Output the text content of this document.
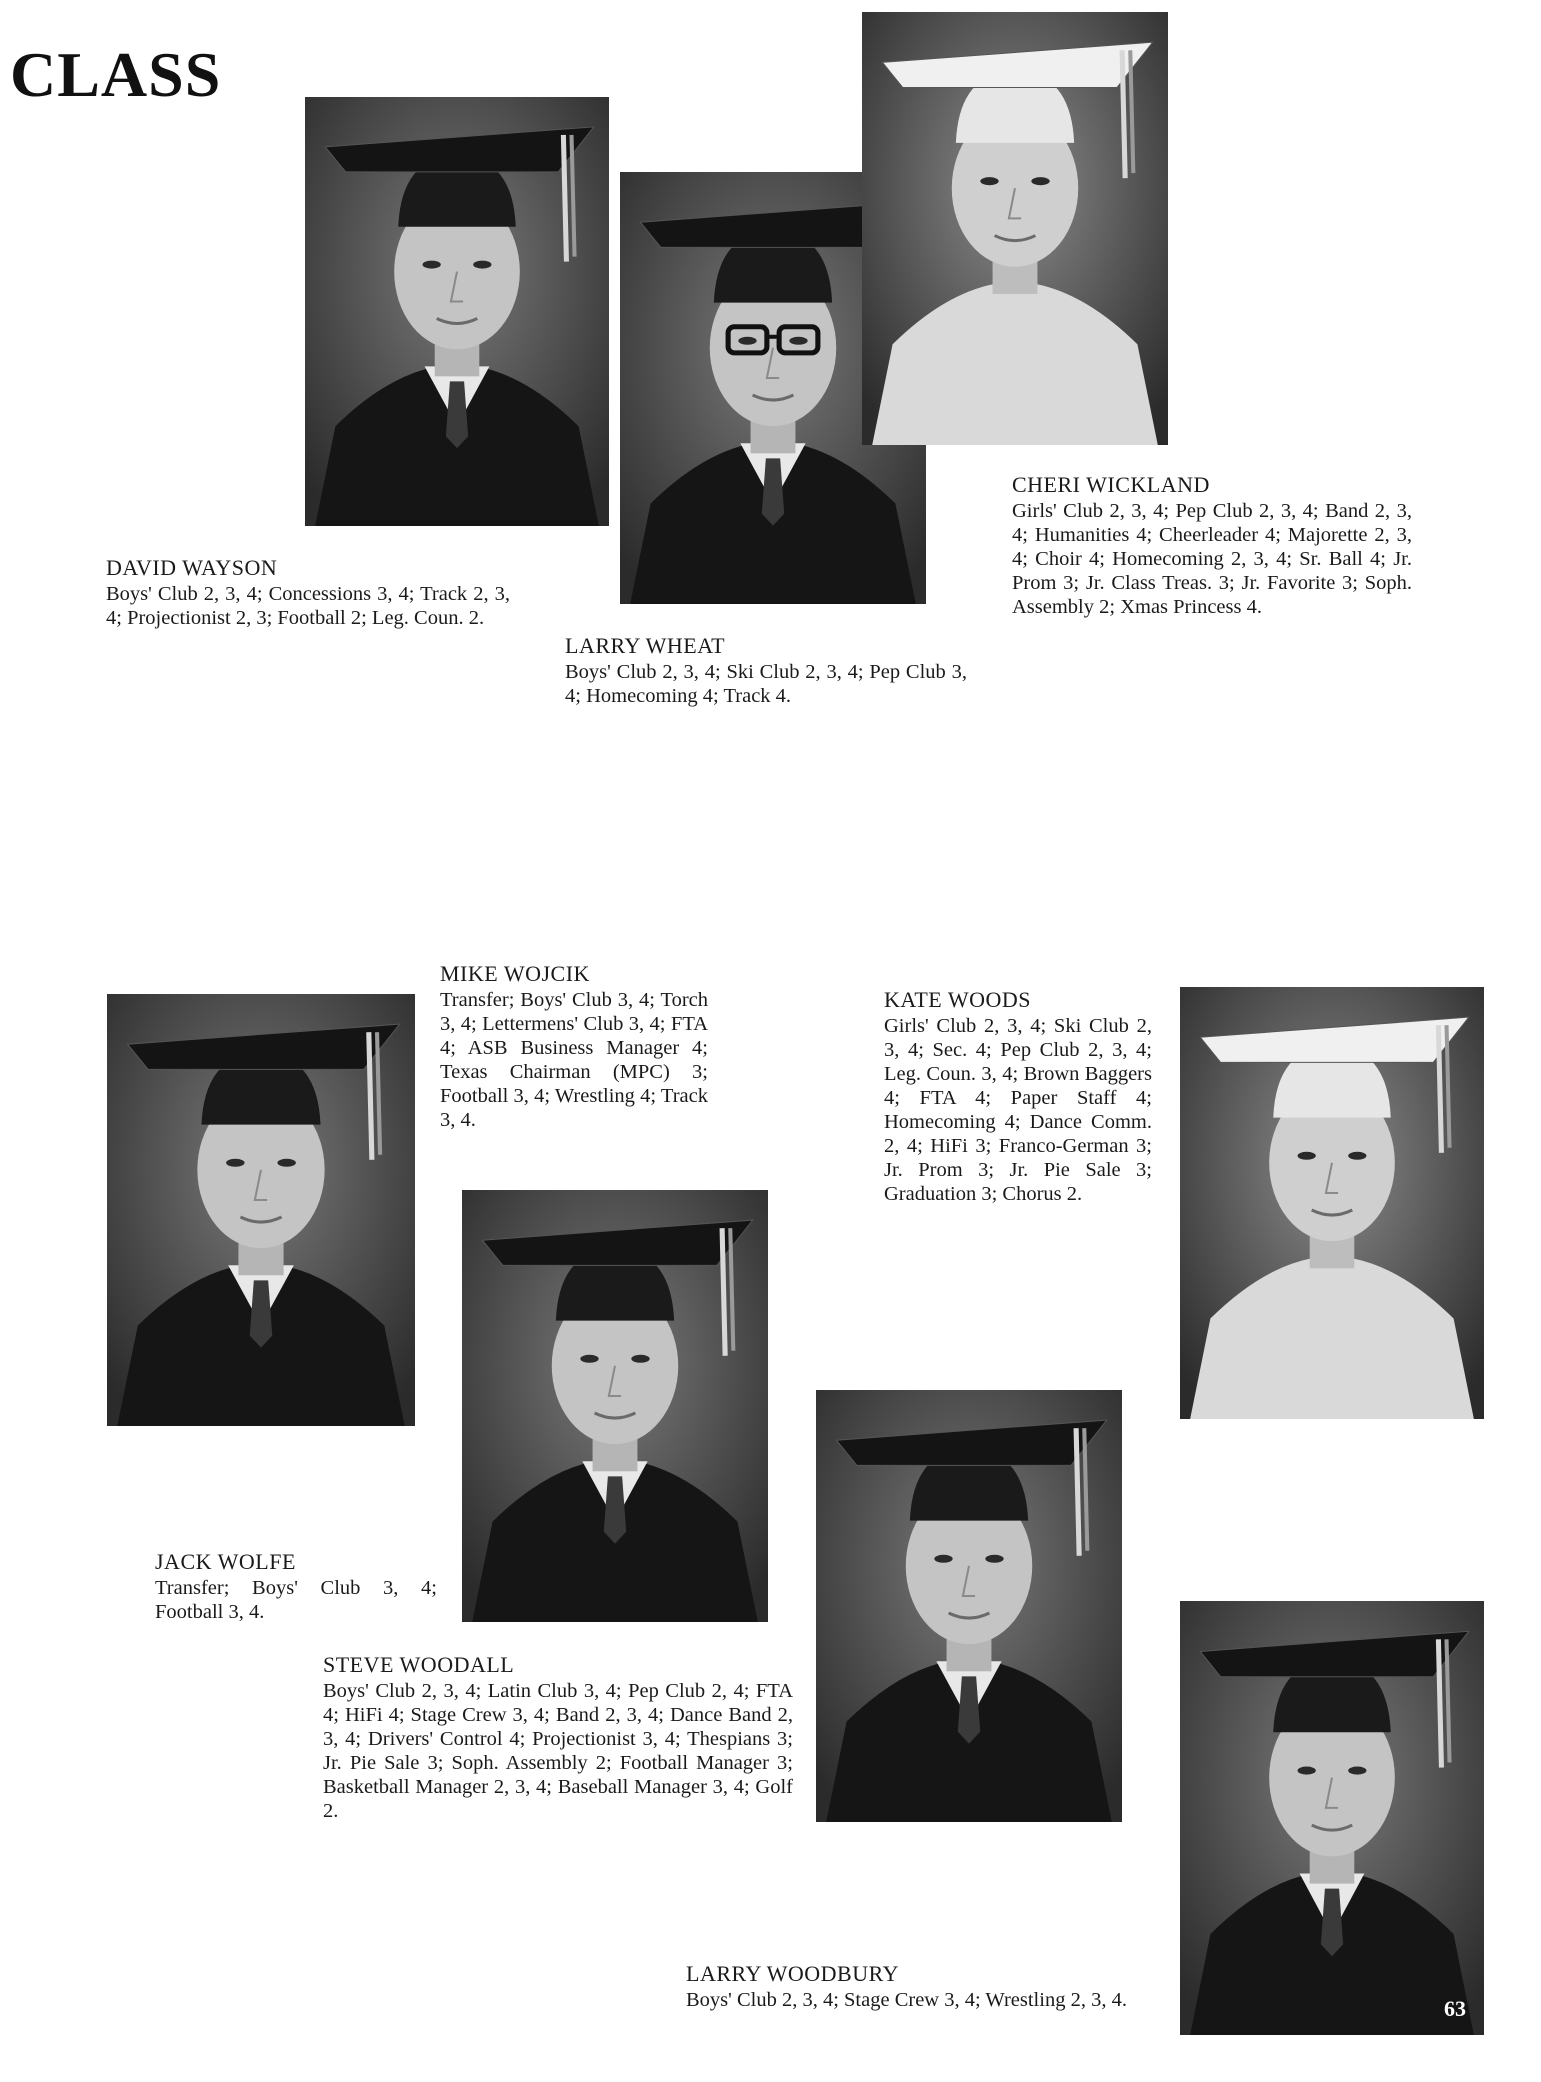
CLASS
DAVID WAYSON
Boys' Club 2, 3, 4; Concessions 3, 4; Track 2, 3, 4; Projectionist 2, 3; Football 2; Leg. Coun. 2.
LARRY WHEAT
Boys' Club 2, 3, 4; Ski Club 2, 3, 4; Pep Club 3, 4; Homecoming 4; Track 4.
CHERI WICKLAND
Girls' Club 2, 3, 4; Pep Club 2, 3, 4; Band 2, 3, 4; Humanities 4; Cheerleader 4; Majorette 2, 3, 4; Choir 4; Homecoming 2, 3, 4; Sr. Ball 4; Jr. Prom 3; Jr. Class Treas. 3; Jr. Favorite 3; Soph. Assembly 2; Xmas Princess 4.
MIKE WOJCIK
Transfer; Boys' Club 3, 4; Torch 3, 4; Lettermens' Club 3, 4; FTA 4; ASB Business Manager 4; Texas Chairman (MPC) 3; Football 3, 4; Wrestling 4; Track 3, 4.
KATE WOODS
Girls' Club 2, 3, 4; Ski Club 2, 3, 4; Sec. 4; Pep Club 2, 3, 4; Leg. Coun. 3, 4; Brown Baggers 4; FTA 4; Paper Staff 4; Homecoming 4; Dance Comm. 2, 4; HiFi 3; Franco-German 3; Jr. Prom 3; Jr. Pie Sale 3; Graduation 3; Chorus 2.
JACK WOLFE
Transfer; Boys' Club 3, 4; Football 3, 4.
STEVE WOODALL
Boys' Club 2, 3, 4; Latin Club 3, 4; Pep Club 2, 4; FTA 4; HiFi 4; Stage Crew 3, 4; Band 2, 3, 4; Dance Band 2, 3, 4; Drivers' Control 4; Projectionist 3, 4; Thespians 3; Jr. Pie Sale 3; Soph. Assembly 2; Football Manager 3; Basketball Manager 2, 3, 4; Baseball Manager 3, 4; Golf 2.
LARRY WOODBURY
Boys' Club 2, 3, 4; Stage Crew 3, 4; Wrestling 2, 3, 4.	63
